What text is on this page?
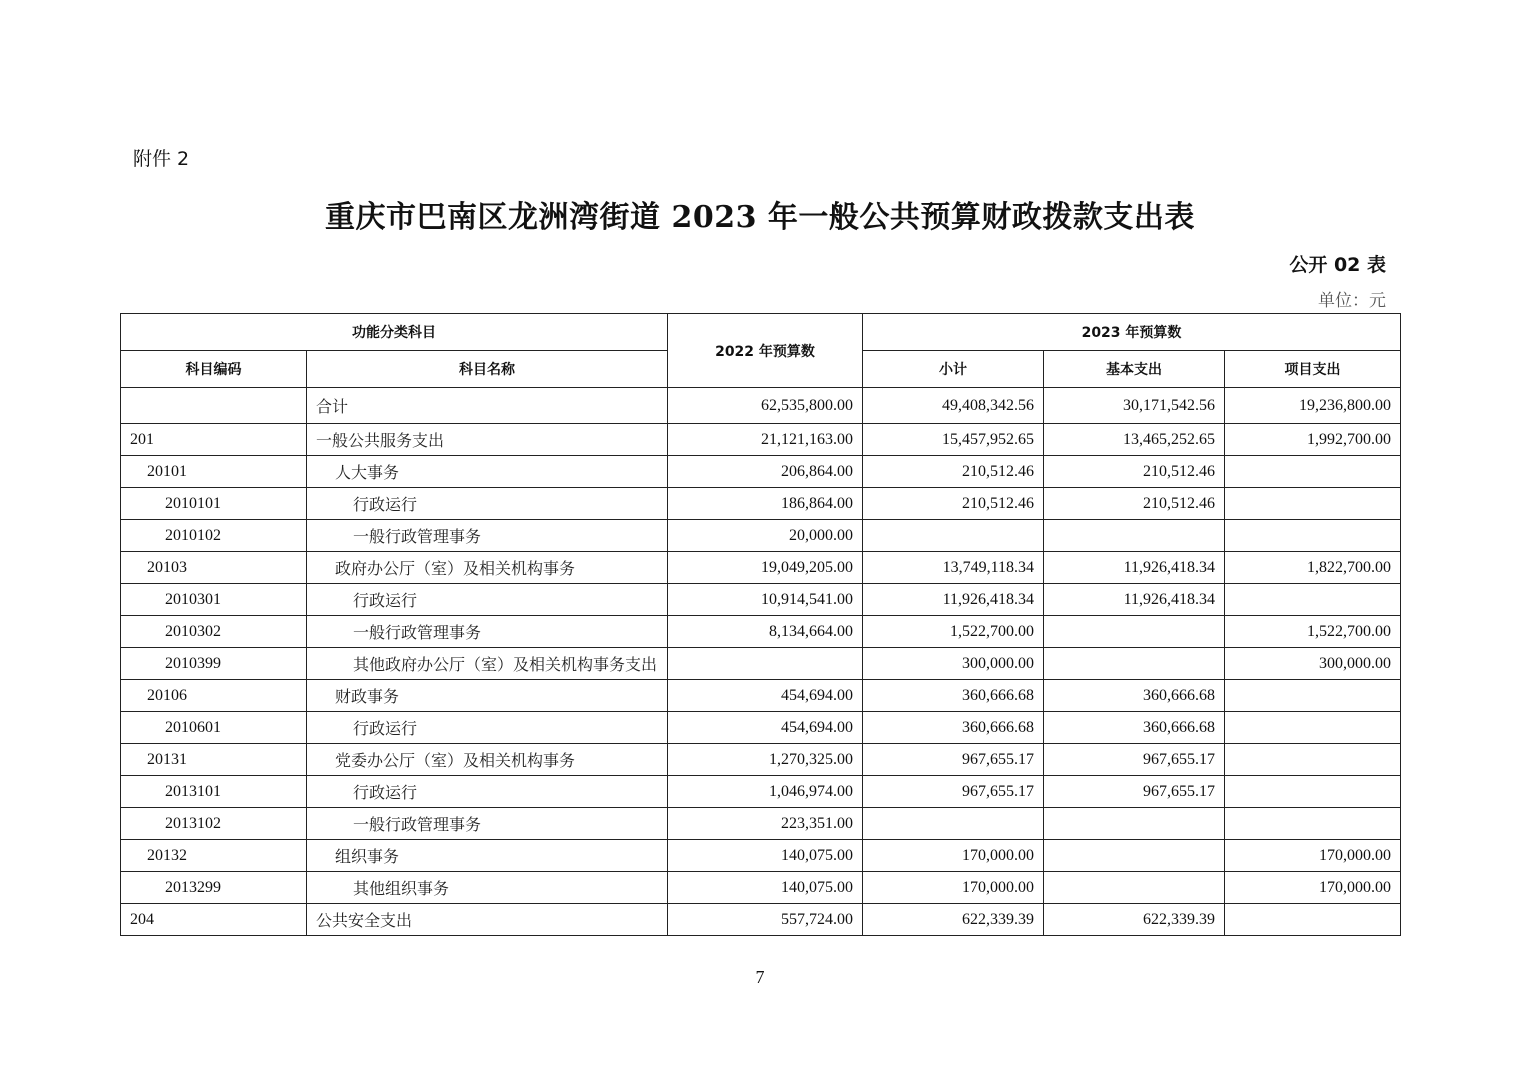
附件 2
重庆市巴南区龙洲湾街道 2023 年一般公共预算财政拨款支出表
公开 02 表
单位：元
功能分类科目		2022 年预算数	2023 年预算数		
科目编码	科目名称		小计	基本支出	项目支出
	合计	62,535,800.00	49,408,342.56	30,171,542.56	19,236,800.00
201	一般公共服务支出	21,121,163.00	15,457,952.65	13,465,252.65	1,992,700.00
20101	人大事务	206,864.00	210,512.46	210,512.46	
2010101	行政运行	186,864.00	210,512.46	210,512.46	
2010102	一般行政管理事务	20,000.00			
20103	政府办公厅（室）及相关机构事务	19,049,205.00	13,749,118.34	11,926,418.34	1,822,700.00
2010301	行政运行	10,914,541.00	11,926,418.34	11,926,418.34	
2010302	一般行政管理事务	8,134,664.00	1,522,700.00		1,522,700.00
2010399	其他政府办公厅（室）及相关机构事务支出		300,000.00		300,000.00
20106	财政事务	454,694.00	360,666.68	360,666.68	
2010601	行政运行	454,694.00	360,666.68	360,666.68	
20131	党委办公厅（室）及相关机构事务	1,270,325.00	967,655.17	967,655.17	
2013101	行政运行	1,046,974.00	967,655.17	967,655.17	
2013102	一般行政管理事务	223,351.00			
20132	组织事务	140,075.00	170,000.00		170,000.00
2013299	其他组织事务	140,075.00	170,000.00		170,000.00
204	公共安全支出	557,724.00	622,339.39	622,339.39	
7
